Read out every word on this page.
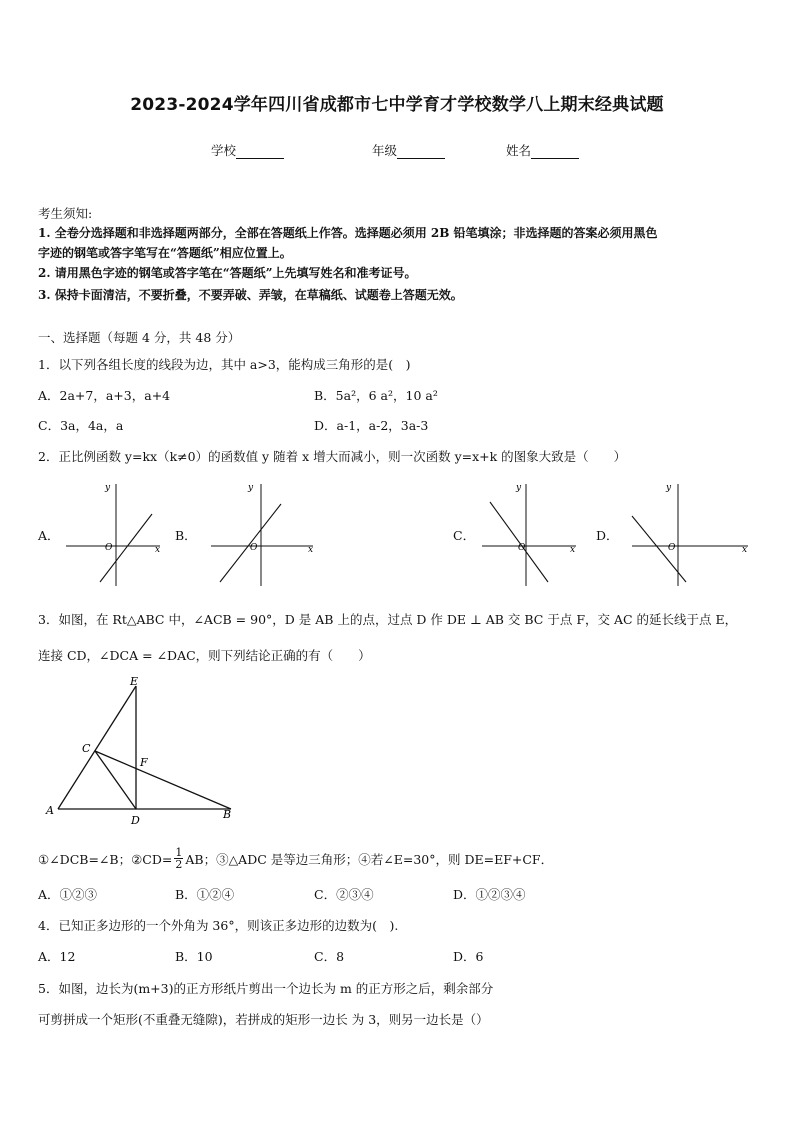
2023-2024学年四川省成都市七中学育才学校数学八上期末经典试题
学校	年级	姓名
考生须知:
1. 全卷分选择题和非选择题两部分，全部在答题纸上作答。选择题必须用 2B 铅笔填涂；非选择题的答案必须用黑色
字迹的钢笔或答字笔写在“答题纸”相应位置上。
2. 请用黑色字迹的钢笔或答字笔在“答题纸”上先填写姓名和准考证号。
3. 保持卡面清洁，不要折叠，不要弄破、弄皱，在草稿纸、试题卷上答题无效。
一、选择题（每题 4 分，共 48 分）
1．以下列各组长度的线段为边，其中 a>3，能构成三角形的是(　)
A．2a+7，a+3，a+4	B．5a²，6 a²，10 a²
C．3a，4a，a	D．a-1，a-2，3a-3
2．正比例函数 y=kx（k≠0）的函数值 y 随着 x 增大而减小，则一次函数 y=x+k 的图象大致是（　　）
A．	B．	C．	D．
y
x
O
y
x
O
y
x
O
y
x
O
3．如图，在 Rt△ABC 中，∠ACB = 90°，D 是 AB 上的点，过点 D 作 DE ⊥ AB 交 BC 于点 F，交 AC 的延长线于点 E，
连接 CD，∠DCA = ∠DAC，则下列结论正确的有（　　）
E
C
F
A
D	B
①∠DCB=∠B；②CD= $\frac{1}{2}$ AB；③△ADC 是等边三角形；④若∠E=30°，则 DE=EF+CF．
A．①②③	B．①②④	C．②③④	D．①②③④
4．已知正多边形的一个外角为 36°，则该正多边形的边数为(　).
A．12	B．10	C．8	D．6
5．如图，边长为(m+3)的正方形纸片剪出一个边长为 m 的正方形之后，剩余部分
可剪拼成一个矩形(不重叠无缝隙)，若拼成的矩形一边长 为 3，则另一边长是（）
